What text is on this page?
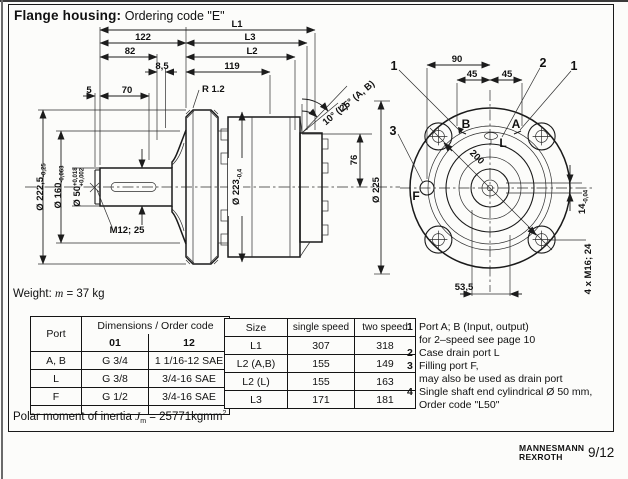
Flange housing: Ordering code "E"
L1
122	L3
82	L2
8,5	119
R 1.2
5	70
Ø $222,5_{-0,25}$
Ø $160_{-0,063}$
Ø $50^{+0,018}+0,002$
M12; 25
Ø $223_{-0,4}$
76
Ø 225
25° (A, B)
10° (L)
90
45	45
200
53,5
$14_{-0,04}$
4 x M16; 24
B	A
L
F
1	2 1
3
Weight: m = 37 kg
Port	Dimensions / Order code	
	01	12
A, B	G 3/4	1 1/16-12 SAE
L	G 3/8	3/4-16 SAE
F	G 1/2	3/4-16 SAE

Size	single speed	two speed
L1	307	318
L2 (A,B)	155	149
L2 (L)	155	163
L3	171	181
1 Port A; B (Input, output)
for 2–speed see page 10
2 Case drain port L
3 Filling port F,
may also be used as drain port
4 Single shaft end cylindrical Ø 50 mm,
Order code "L50"
Polar moment of inertia $J_m$ = 25771kgmm$^2$
MANNESMANN
REXROTH	9/12
